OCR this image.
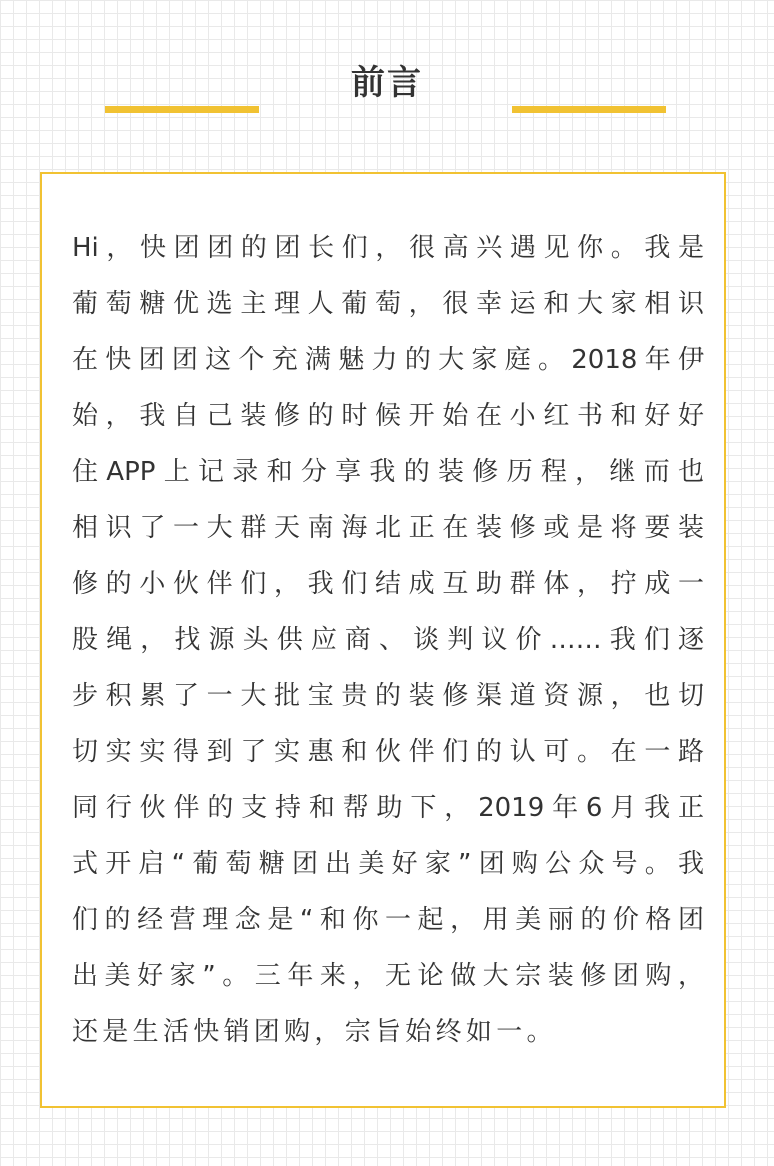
前言
Hi，快团团的团长们，很高兴遇见你。我是
葡萄糖优选主理人葡萄，很幸运和大家相识
在快团团这个充满魅力的大家庭。2018年伊
始，我自己装修的时候开始在小红书和好好
住APP上记录和分享我的装修历程，继而也
相识了一大群天南海北正在装修或是将要装
修的小伙伴们，我们结成互助群体，拧成一
股绳，找源头供应商、谈判议价……我们逐
步积累了一大批宝贵的装修渠道资源，也切
切实实得到了实惠和伙伴们的认可。在一路
同行伙伴的支持和帮助下，2019年6月我正
式开启“葡萄糖团出美好家”团购公众号。我
们的经营理念是“和你一起，用美丽的价格团
出美好家”。三年来，无论做大宗装修团购，
还是生活快销团购，宗旨始终如一。
